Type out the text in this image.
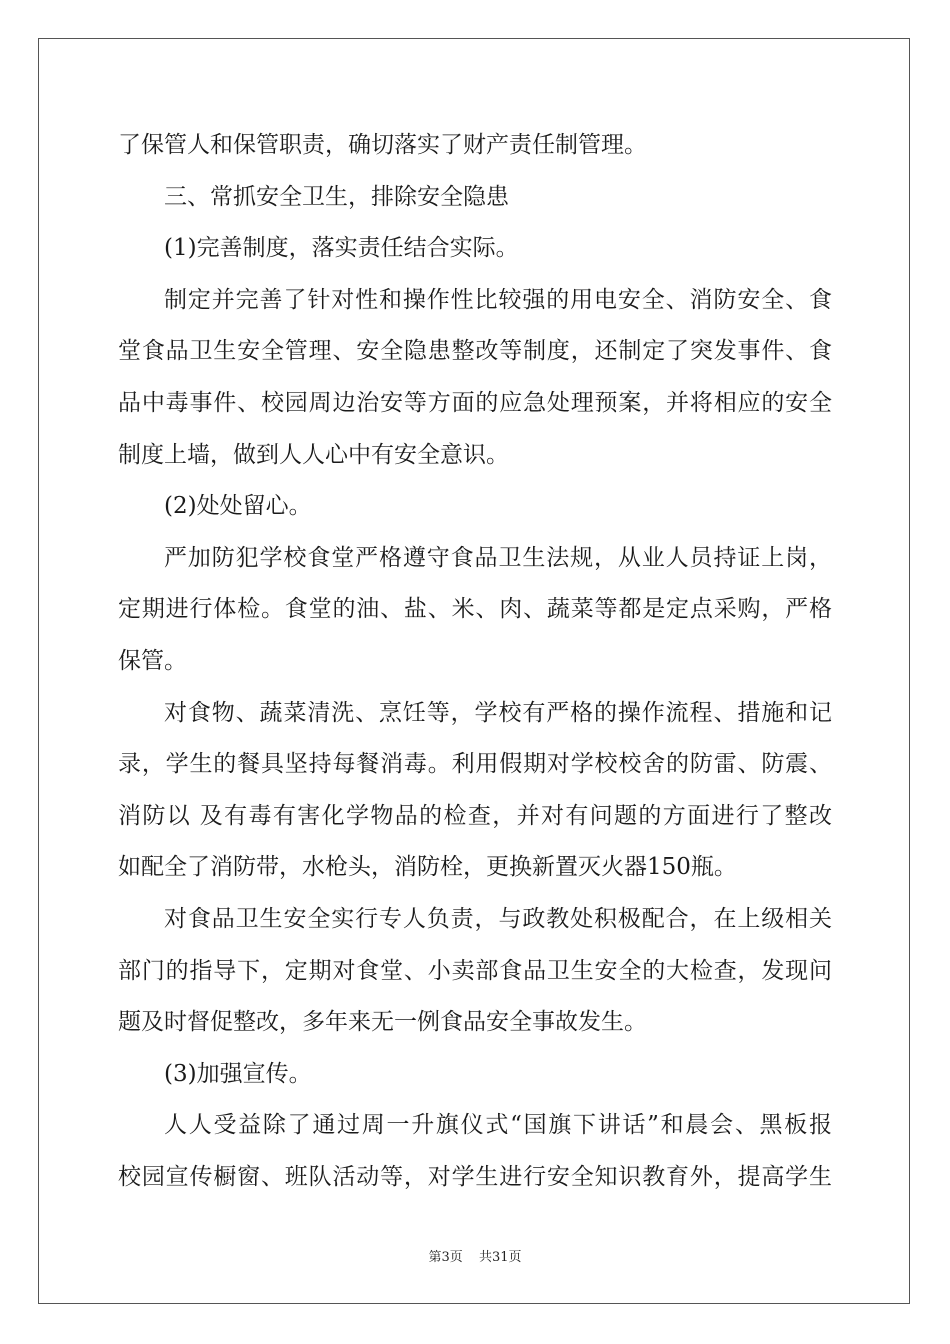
了保管人和保管职责，确切落实了财产责任制管理。
三、常抓安全卫生，排除安全隐患
(1)完善制度，落实责任结合实际。
制定并完善了针对性和操作性比较强的用电安全、消防安全、食
堂食品卫生安全管理、安全隐患整改等制度，还制定了突发事件、食
品中毒事件、校园周边治安等方面的应急处理预案，并将相应的安全
制度上墙，做到人人心中有安全意识。
(2)处处留心。
严加防犯学校食堂严格遵守食品卫生法规，从业人员持证上岗，
定期进行体检。食堂的油、盐、米、肉、蔬菜等都是定点采购，严格
保管。
对食物、蔬菜清洗、烹饪等，学校有严格的操作流程、措施和记
录，学生的餐具坚持每餐消毒。利用假期对学校校舍的防雷、防震、
消防以 及有毒有害化学物品的检查，并对有问题的方面进行了整改
如配全了消防带，水枪头，消防栓，更换新置灭火器150瓶。
对食品卫生安全实行专人负责，与政教处积极配合，在上级相关
部门的指导下，定期对食堂、小卖部食品卫生安全的大检查，发现问
题及时督促整改，多年来无一例食品安全事故发生。
(3)加强宣传。
人人受益除了通过周一升旗仪式“国旗下讲话”和晨会、黑板报
校园宣传橱窗、班队活动等，对学生进行安全知识教育外，提高学生
第3页 共31页
